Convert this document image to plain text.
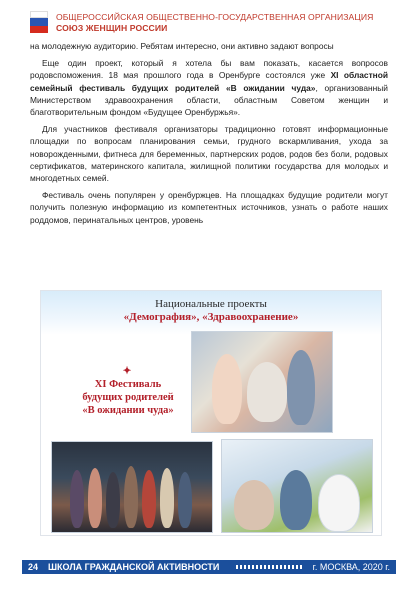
ОБЩЕРОССИЙСКАЯ ОБЩЕСТВЕННО-ГОСУДАРСТВЕННАЯ ОРГАНИЗАЦИЯ
СОЮЗ ЖЕНЩИН РОССИИ

на молодежную аудиторию. Ребятам интересно, они активно задают вопросы

Еще один проект, который я хотела бы вам показать, касается вопросов родовспоможения. 18 мая прошлого года в Оренбурге состоялся уже XI областной семейный фестиваль будущих родителей «В ожидании чуда», организованный Министерством здравоохранения области, областным Советом женщин и благотворительным фондом «Будущее Оренбуржья».

Для участников фестиваля организаторы традиционно готовят информационные площадки по вопросам планирования семьи, грудного вскармливания, ухода за новорожденными, фитнеса для беременных, партнерских родов, родов без боли, родовых сертификатов, материнского капитала, жилищной политики государства для молодых и многодетных семей.

Фестиваль очень популярен у оренбуржцев. На площадках будущие родители могут получить полезную информацию из компетентных источников, узнать о работе наших роддомов, перинатальных центров, уровень

Национальные проекты
«Демография», «Здравоохранение»
✦
XI Фестиваль
будущих родителей
«В ожидании чуда»
24 ШКОЛА ГРАЖДАНСКОЙ АКТИВНОСТИ	г. МОСКВА, 2020 г.
